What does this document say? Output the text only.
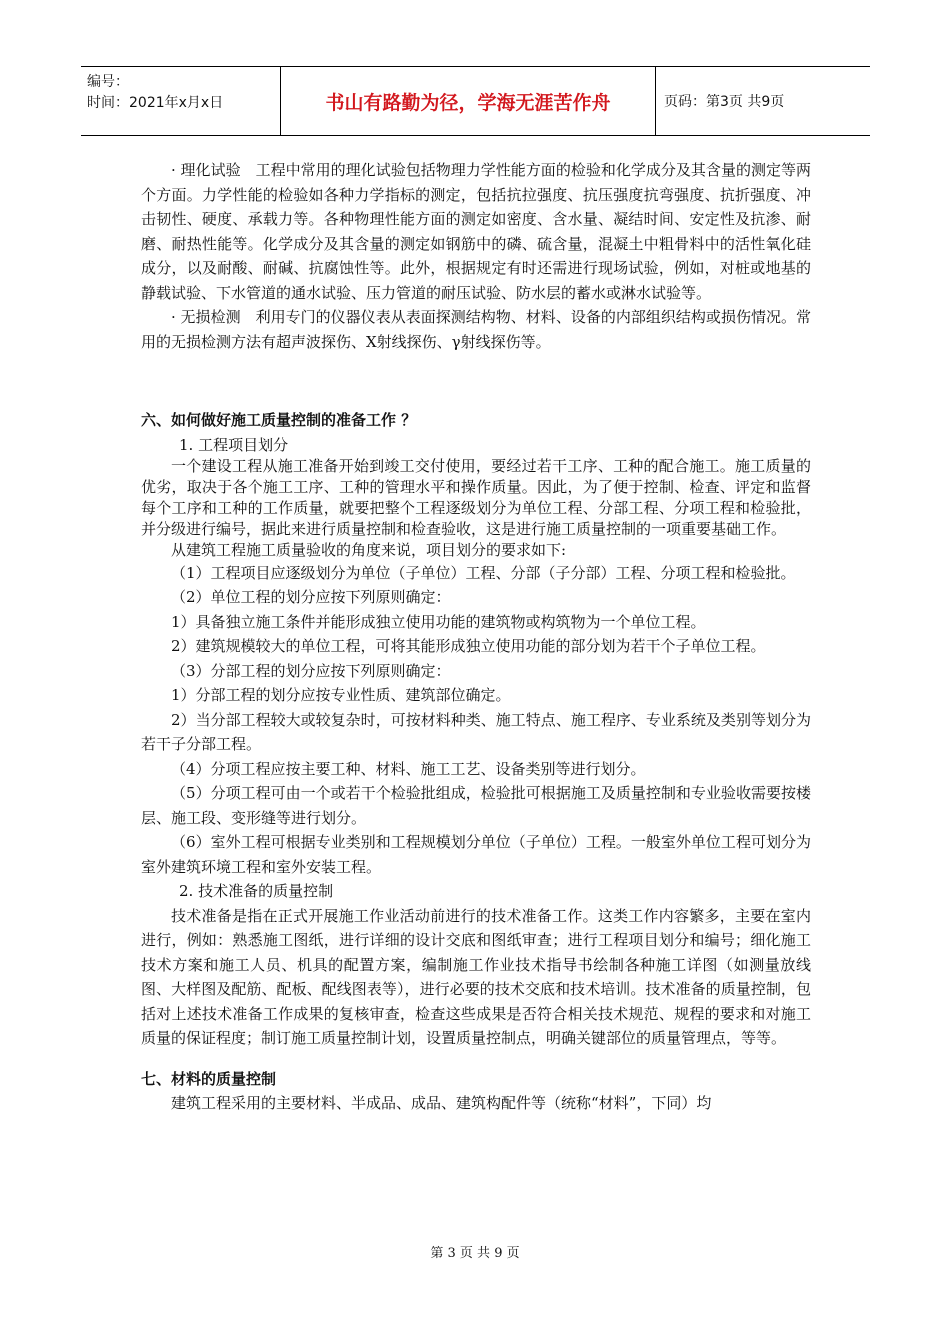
编号：
时间：2021年x月x日	书山有路勤为径，学海无涯苦作舟	页码：第3页 共9页

· 理化试验　工程中常用的理化试验包括物理力学性能方面的检验和化学成分及其含量的测定等两个方面。力学性能的检验如各种力学指标的测定，包括抗拉强度、抗压强度抗弯强度、抗折强度、冲击韧性、硬度、承载力等。各种物理性能方面的测定如密度、含水量、凝结时间、安定性及抗渗、耐磨、耐热性能等。化学成分及其含量的测定如钢筋中的磷、硫含量，混凝土中粗骨料中的活性氧化硅成分，以及耐酸、耐碱、抗腐蚀性等。此外，根据规定有时还需进行现场试验，例如，对桩或地基的静载试验、下水管道的通水试验、压力管道的耐压试验、防水层的蓄水或淋水试验等。

· 无损检测　利用专门的仪器仪表从表面探测结构物、材料、设备的内部组织结构或损伤情况。常用的无损检测方法有超声波探伤、X射线探伤、γ射线探伤等。

六、如何做好施工质量控制的准备工作 ？

1. 工程项目划分

一个建设工程从施工准备开始到竣工交付使用，要经过若干工序、工种的配合施工。施工质量的优劣，取决于各个施工工序、工种的管理水平和操作质量。因此，为了便于控制、检查、评定和监督每个工序和工种的工作质量，就要把整个工程逐级划分为单位工程、分部工程、分项工程和检验批，并分级进行编号，据此来进行质量控制和检查验收，这是进行施工质量控制的一项重要基础工作。

从建筑工程施工质量验收的角度来说，项目划分的要求如下:

（1）工程项目应逐级划分为单位（子单位）工程、分部（子分部）工程、分项工程和检验批。

（2）单位工程的划分应按下列原则确定：

1）具备独立施工条件并能形成独立使用功能的建筑物或构筑物为一个单位工程。

2）建筑规模较大的单位工程，可将其能形成独立使用功能的部分划为若干个子单位工程。

（3）分部工程的划分应按下列原则确定：

1）分部工程的划分应按专业性质、建筑部位确定。

2）当分部工程较大或较复杂时，可按材料种类、施工特点、施工程序、专业系统及类别等划分为若干子分部工程。

（4）分项工程应按主要工种、材料、施工工艺、设备类别等进行划分。

（5）分项工程可由一个或若干个检验批组成，检验批可根据施工及质量控制和专业验收需要按楼层、施工段、变形缝等进行划分。

（6）室外工程可根据专业类别和工程规模划分单位（子单位）工程。一般室外单位工程可划分为室外建筑环境工程和室外安装工程。

2. 技术准备的质量控制

技术准备是指在正式开展施工作业活动前进行的技术准备工作。这类工作内容繁多，主要在室内进行，例如：熟悉施工图纸，进行详细的设计交底和图纸审查；进行工程项目划分和编号；细化施工技术方案和施工人员、机具的配置方案，编制施工作业技术指导书绘制各种施工详图（如测量放线图、大样图及配筋、配板、配线图表等），进行必要的技术交底和技术培训。技术准备的质量控制，包括对上述技术准备工作成果的复核审查，检查这些成果是否符合相关技术规范、规程的要求和对施工质量的保证程度；制订施工质量控制计划，设置质量控制点，明确关键部位的质量管理点，等等。

七、材料的质量控制

建筑工程采用的主要材料、半成品、成品、建筑构配件等（统称“材料”，下同）均

第 3 页 共 9 页
